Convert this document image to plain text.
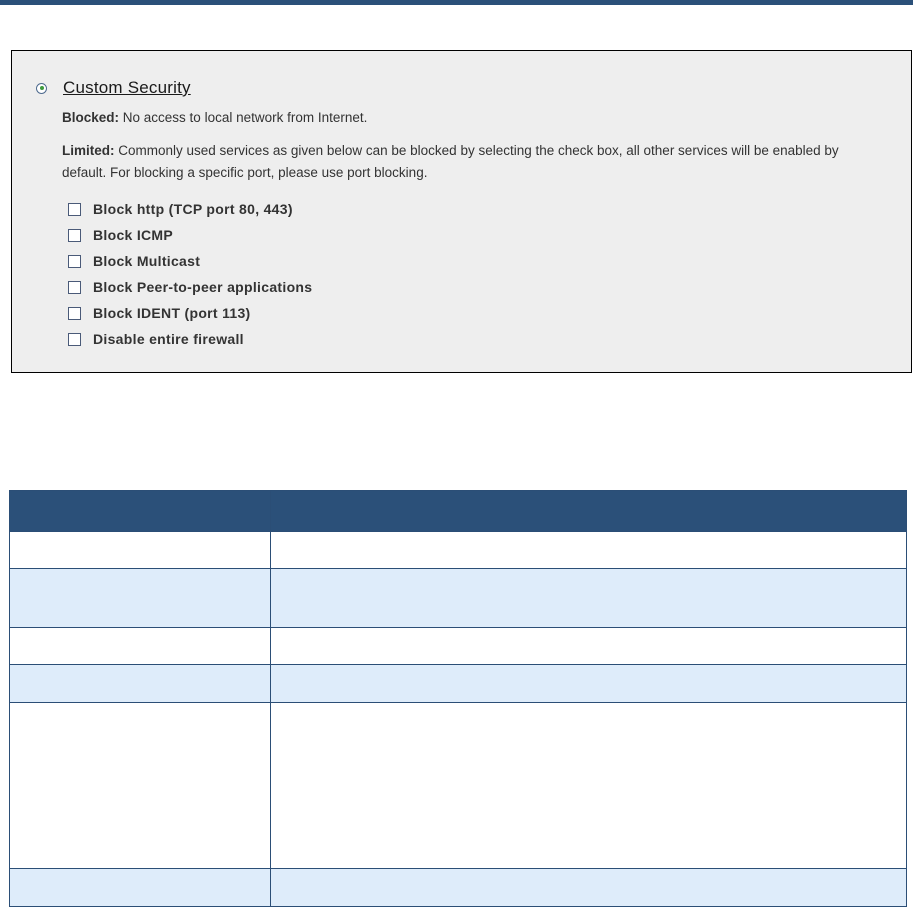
Custom Security
Blocked: No access to local network from Internet.
Limited: Commonly used services as given below can be blocked by selecting the check box, all other services will be enabled by default. For blocking a specific port, please use port blocking.
Block http (TCP port 80, 443)
Block ICMP
Block Multicast
Block Peer-to-peer applications
Block IDENT (port 113)
Disable entire firewall
